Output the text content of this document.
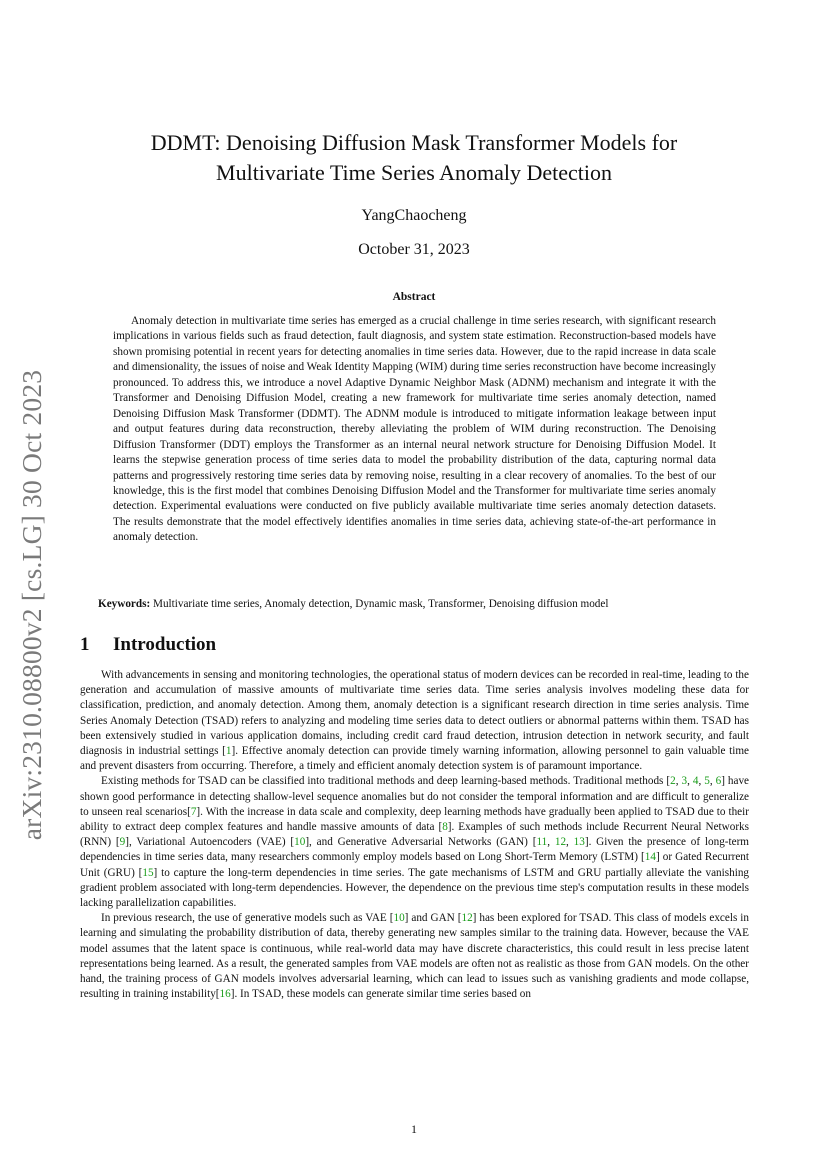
arXiv:2310.08800v2 [cs.LG] 30 Oct 2023
DDMT: Denoising Diffusion Mask Transformer Models for
Multivariate Time Series Anomaly Detection
YangChaocheng
October 31, 2023
Abstract

Anomaly detection in multivariate time series has emerged as a crucial challenge in time series research, with significant research implications in various fields such as fraud detection, fault diagnosis, and system state estimation. Reconstruction-based models have shown promising potential in recent years for detecting anomalies in time series data. However, due to the rapid increase in data scale and dimensionality, the issues of noise and Weak Identity Mapping (WIM) during time series reconstruction have become increasingly pronounced. To address this, we introduce a novel Adaptive Dynamic Neighbor Mask (ADNM) mechanism and integrate it with the Transformer and Denoising Diffusion Model, creating a new framework for multivariate time series anomaly detection, named Denoising Diffusion Mask Transformer (DDMT). The ADNM module is introduced to mitigate information leakage between input and output features during data reconstruction, thereby alleviating the problem of WIM during reconstruction. The Denoising Diffusion Transformer (DDT) employs the Transformer as an internal neural network structure for Denoising Diffusion Model. It learns the stepwise generation process of time series data to model the probability distribution of the data, capturing normal data patterns and progressively restoring time series data by removing noise, resulting in a clear recovery of anomalies. To the best of our knowledge, this is the first model that combines Denoising Diffusion Model and the Transformer for multivariate time series anomaly detection. Experimental evaluations were conducted on five publicly available multivariate time series anomaly detection datasets. The results demonstrate that the model effectively identifies anomalies in time series data, achieving state-of-the-art performance in anomaly detection.

Keywords: Multivariate time series, Anomaly detection, Dynamic mask, Transformer, Denoising diffusion model
1 Introduction

With advancements in sensing and monitoring technologies, the operational status of modern devices can be recorded in real-time, leading to the generation and accumulation of massive amounts of multivariate time series data. Time series analysis involves modeling these data for classification, prediction, and anomaly detection. Among them, anomaly detection is a significant research direction in time series analysis. Time Series Anomaly Detection (TSAD) refers to analyzing and modeling time series data to detect outliers or abnormal patterns within them. TSAD has been extensively studied in various application domains, including credit card fraud detection, intrusion detection in network security, and fault diagnosis in industrial settings [1]. Effective anomaly detection can provide timely warning information, allowing personnel to gain valuable time and prevent disasters from occurring. Therefore, a timely and efficient anomaly detection system is of paramount importance.

Existing methods for TSAD can be classified into traditional methods and deep learning-based methods. Traditional methods [2, 3, 4, 5, 6] have shown good performance in detecting shallow-level sequence anomalies but do not consider the temporal information and are difficult to generalize to unseen real scenarios[7]. With the increase in data scale and complexity, deep learning methods have gradually been applied to TSAD due to their ability to extract deep complex features and handle massive amounts of data [8]. Examples of such methods include Recurrent Neural Networks (RNN) [9], Variational Autoencoders (VAE) [10], and Generative Adversarial Networks (GAN) [11, 12, 13]. Given the presence of long-term dependencies in time series data, many researchers commonly employ models based on Long Short-Term Memory (LSTM) [14] or Gated Recurrent Unit (GRU) [15] to capture the long-term dependencies in time series. The gate mechanisms of LSTM and GRU partially alleviate the vanishing gradient problem associated with long-term dependencies. However, the dependence on the previous time step's computation results in these models lacking parallelization capabilities.

In previous research, the use of generative models such as VAE [10] and GAN [12] has been explored for TSAD. This class of models excels in learning and simulating the probability distribution of data, thereby generating new samples similar to the training data. However, because the VAE model assumes that the latent space is continuous, while real-world data may have discrete characteristics, this could result in less precise latent representations being learned. As a result, the generated samples from VAE models are often not as realistic as those from GAN models. On the other hand, the training process of GAN models involves adversarial learning, which can lead to issues such as vanishing gradients and mode collapse, resulting in training instability[16]. In TSAD, these models can generate similar time series based on

1
